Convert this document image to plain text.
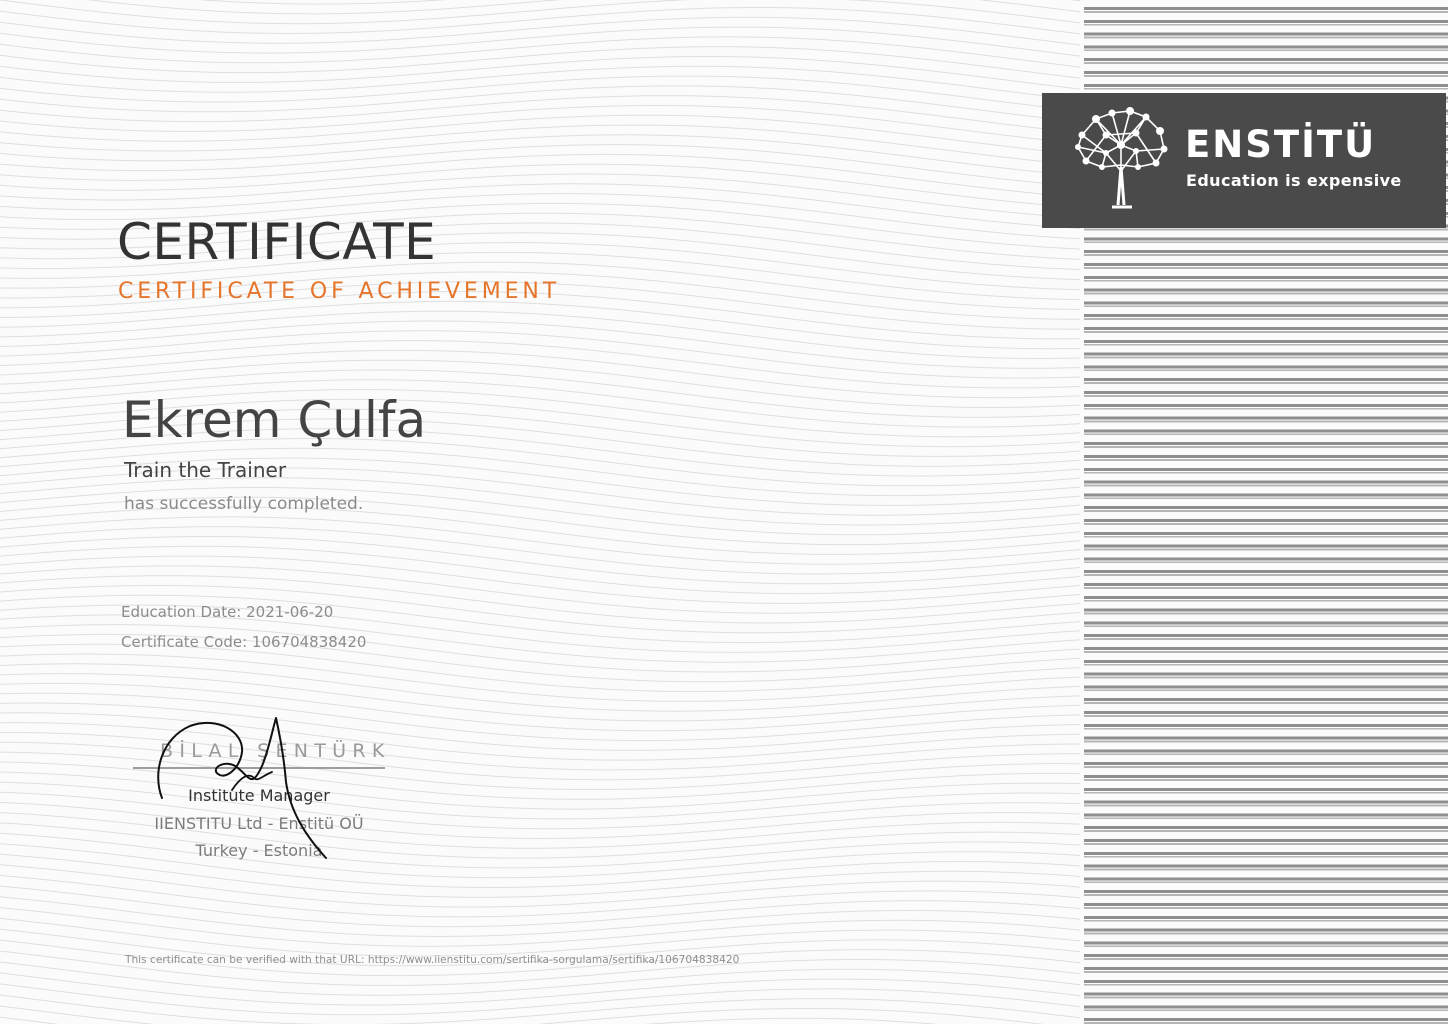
ENSTİTÜ
Education is expensive
CERTIFICATE
CERTIFICATE OF ACHIEVEMENT
Ekrem Çulfa
Train the Trainer
has successfully completed.
Education Date: 2021-06-20
Certificate Code: 106704838420
BİLAL ŞENTÜRK
Institute Manager
IIENSTITU Ltd - Enstitü OÜ
Turkey - Estonia
This certificate can be verified with that URL: https://www.iienstitu.com/sertifika-sorgulama/sertifika/106704838420
